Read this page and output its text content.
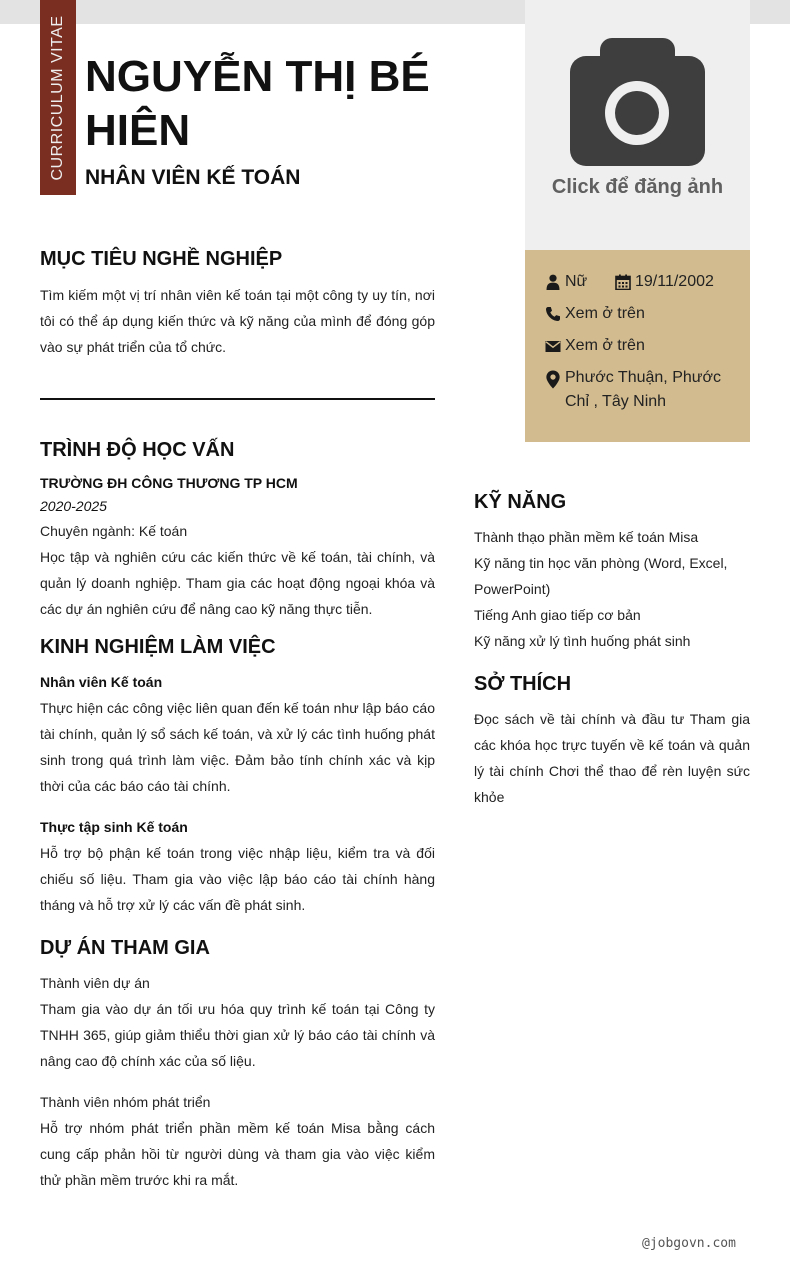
CURRICULUM VITAE NGUYỄN THỊ BÉ HIÊN
NHÂN VIÊN KẾ TOÁN	Click để đăng ảnh
Nữ	19/11/2002
Xem ở trên
Xem ở trên
Phước Thuận, Phước
Chỉ , Tây Ninh
MỤC TIÊU NGHỀ NGHIỆP
Tìm kiếm một vị trí nhân viên kế toán tại một công ty uy tín, nơi tôi có thể áp dụng kiến thức và kỹ năng của mình để đóng góp vào sự phát triển của tổ chức.
TRÌNH ĐỘ HỌC VẤN
TRƯỜNG ĐH CÔNG THƯƠNG TP HCM
2020-2025
Chuyên ngành: Kế toán
Học tập và nghiên cứu các kiến thức về kế toán, tài chính, và quản lý doanh nghiệp. Tham gia các hoạt động ngoại khóa và các dự án nghiên cứu để nâng cao kỹ năng thực tiễn.
KINH NGHIỆM LÀM VIỆC
Nhân viên Kế toán
Thực hiện các công việc liên quan đến kế toán như lập báo cáo tài chính, quản lý sổ sách kế toán, và xử lý các tình huống phát sinh trong quá trình làm việc. Đảm bảo tính chính xác và kịp thời của các báo cáo tài chính.
Thực tập sinh Kế toán
Hỗ trợ bộ phận kế toán trong việc nhập liệu, kiểm tra và đối chiếu số liệu. Tham gia vào việc lập báo cáo tài chính hàng tháng và hỗ trợ xử lý các vấn đề phát sinh.
DỰ ÁN THAM GIA
Thành viên dự án
Tham gia vào dự án tối ưu hóa quy trình kế toán tại Công ty TNHH 365, giúp giảm thiểu thời gian xử lý báo cáo tài chính và nâng cao độ chính xác của số liệu.
Thành viên nhóm phát triển
Hỗ trợ nhóm phát triển phần mềm kế toán Misa bằng cách cung cấp phản hồi từ người dùng và tham gia vào việc kiểm thử phần mềm trước khi ra mắt.
KỸ NĂNG
Thành thạo phần mềm kế toán Misa
Kỹ năng tin học văn phòng (Word, Excel, PowerPoint)
Tiếng Anh giao tiếp cơ bản
Kỹ năng xử lý tình huống phát sinh
SỞ THÍCH
Đọc sách về tài chính và đầu tư Tham gia các khóa học trực tuyến về kế toán và quản lý tài chính Chơi thể thao để rèn luyện sức khỏe
@jobgovn.com
